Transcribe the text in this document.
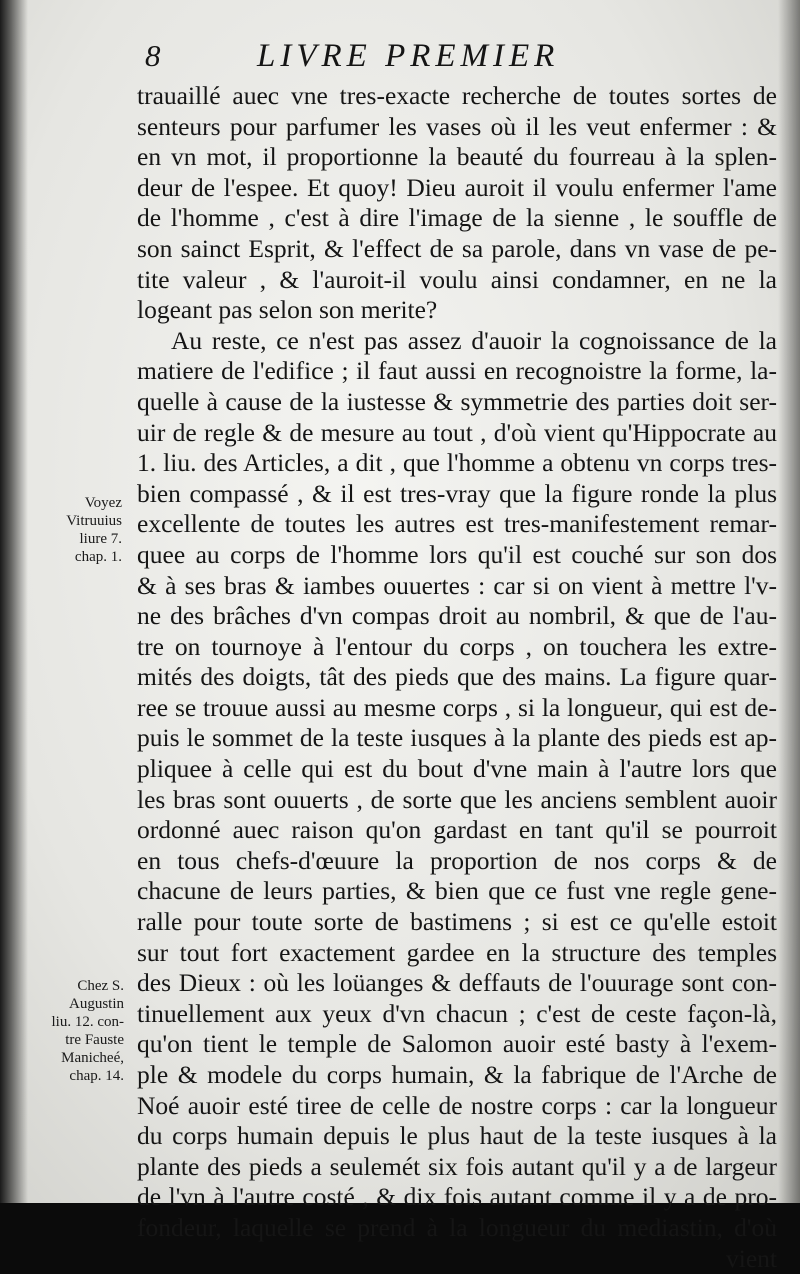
8	LIVRE PREMIER
trauaillé auec vne tres-exacte recherche de toutes sortes de
senteurs pour parfumer les vases où il les veut enfermer : &
en vn mot, il proportionne la beauté du fourreau à la splen-
deur de l'espee. Et quoy! Dieu auroit il voulu enfermer l'ame
de l'homme , c'est à dire l'image de la sienne , le souffle de
son sainct Esprit, & l'effect de sa parole, dans vn vase de pe-
tite valeur , & l'auroit-il voulu ainsi condamner, en ne la
logeant pas selon son merite?
Au reste, ce n'est pas assez d'auoir la cognoissance de la
matiere de l'edifice ; il faut aussi en recognoistre la forme, la-
quelle à cause de la iustesse & symmetrie des parties doit ser-
uir de regle & de mesure au tout , d'où vient qu'Hippocrate au
1. liu. des Articles, a dit , que l'homme a obtenu vn corps tres-
bien compassé , & il est tres-vray que la figure ronde la plus
excellente de toutes les autres est tres-manifestement remar-
quee au corps de l'homme lors qu'il est couché sur son dos
& à ses bras & iambes ouuertes : car si on vient à mettre l'v-
ne des brâches d'vn compas droit au nombril, & que de l'au-
tre on tournoye à l'entour du corps , on touchera les extre-
mités des doigts, tât des pieds que des mains. La figure quar-
ree se trouue aussi au mesme corps , si la longueur, qui est de-
puis le sommet de la teste iusques à la plante des pieds est ap-
pliquee à celle qui est du bout d'vne main à l'autre lors que
les bras sont ouuerts , de sorte que les anciens semblent auoir
ordonné auec raison qu'on gardast en tant qu'il se pourroit
en tous chefs-d'œuure la proportion de nos corps & de
chacune de leurs parties, & bien que ce fust vne regle gene-
ralle pour toute sorte de bastimens ; si est ce qu'elle estoit
sur tout fort exactement gardee en la structure des temples
des Dieux : où les loüanges & deffauts de l'ouurage sont con-
tinuellement aux yeux d'vn chacun ; c'est de ceste façon-là,
qu'on tient le temple de Salomon auoir esté basty à l'exem-
ple & modele du corps humain, & la fabrique de l'Arche de
Noé auoir esté tiree de celle de nostre corps : car la longueur
du corps humain depuis le plus haut de la teste iusques à la
plante des pieds a seulemét six fois autant qu'il y a de largeur
de l'vn à l'autre costé , & dix fois autant comme il y a de pro-
fondeur, laquelle se prend à la longueur du mediastin, d'où
vient
Voyez
Vitruuius
liure 7.
chap. 1.
Chez S.
Augustin
liu. 12. con-
tre Fauste
Manicheé,
chap. 14.
